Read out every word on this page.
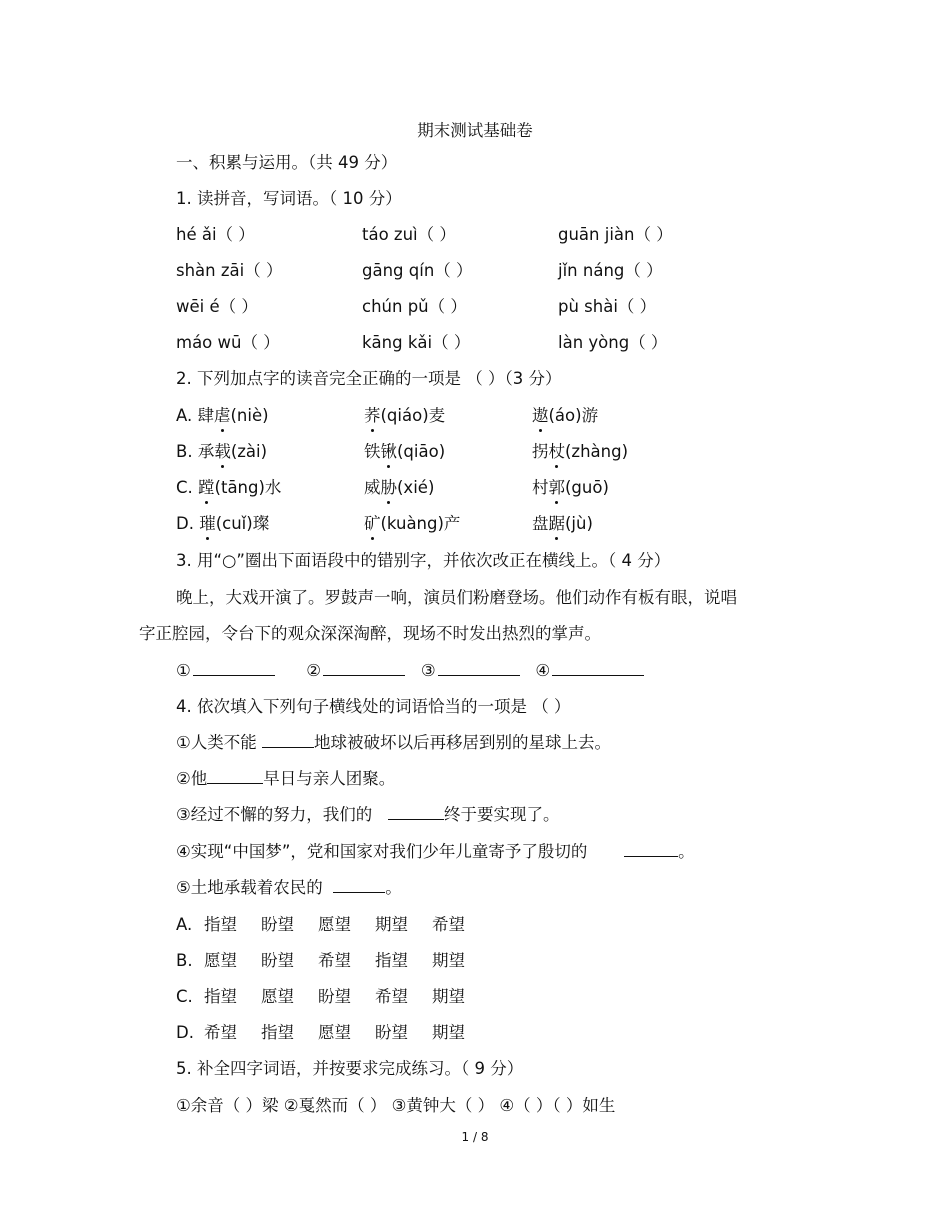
期末测试基础卷
一、积累与运用。（共 49 分）
1. 读拼音，写词语。（ 10 分）
hé ǎi（ ）	táo zuì（ ）	guān jiàn（ ）
shàn zāi（ ）	gāng qín（ ）	jǐn náng（ ）
wēi é（ ）	chún pǔ（ ）	pù shài（ ）
máo wū（ ）	kāng kǎi（ ）	làn yòng（ ）
2. 下列加点字的读音完全正确的一项是 （ ）（3 分）
A. 肆虐(niè)	荞(qiáo)麦	遨(áo)游
B. 承载(zài)	铁锹(qiāo)	拐杖(zhàng)
C. 蹚(tāng)水	威胁(xié)	村郭(guō)
D. 璀(cuǐ)璨	矿(kuàng)产	盘踞(jù)
3. 用“○”圈出下面语段中的错别字，并依次改正在横线上。（ 4 分）
晚上，大戏开演了。罗鼓声一响，演员们粉磨登场。他们动作有板有眼，说唱
字正腔园，令台下的观众深深淘醉，现场不时发出热烈的掌声。
①	②	③	④
4. 依次填入下列句子横线处的词语恰当的一项是 （ ）
①人类不能	地球被破坏以后再移居到别的星球上去。
②他	早日与亲人团聚。
③经过不懈的努力，我们的	终于要实现了。
④实现“中国梦”，党和国家对我们少年儿童寄予了殷切的	。
⑤土地承载着农民的	。
A. 指望 盼望 愿望 期望 希望
B. 愿望 盼望 希望 指望 期望
C. 指望 愿望 盼望 希望 期望
D. 希望 指望 愿望 盼望 期望
5. 补全四字词语，并按要求完成练习。（ 9 分）
①余音（ ）梁 ②戛然而（ ） ③黄钟大（ ） ④（ ）（ ）如生
1 / 8
